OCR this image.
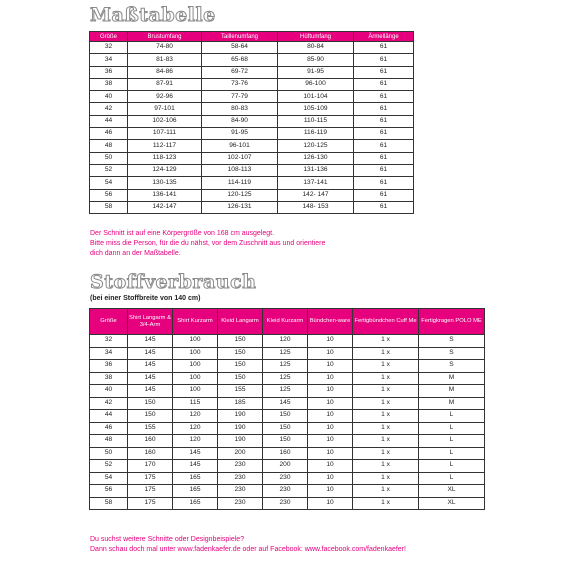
Maßtabelle
Größe	Brustumfang	Taillenumfang	Hüftumfang	Ärmellänge
32	74-80	58-64	80-84	61
34	81-83	65-68	85-90	61
36	84-86	69-72	91-95	61
38	87-91	73-76	96-100	61
40	92-96	77-79	101-104	61
42	97-101	80-83	105-109	61
44	102-106	84-90	110-115	61
46	107-111	91-95	116-119	61
48	112-117	96-101	120-125	61
50	118-123	102-107	126-130	61
52	124-129	108-113	131-136	61
54	130-135	114-119	137-141	61
56	136-141	120-125	142- 147	61
58	142-147	126-131	148- 153	61
Der Schnitt ist auf eine Körpergröße von 168 cm ausgelegt.
Bitte miss die Person, für die du nähst, vor dem Zuschnitt aus und orientiere
dich dann an der Maßtabelle.
Stoffverbrauch
(bei einer Stoffbreite von 140 cm)
Größe	Shirt Langarm & 3/4-Arm	Shirt Kurzarm	Kleid Langarm	Kleid Kurzarm	Bündchen-ware	Fertigbündchen Cuff Me	Fertigkragen POLO ME
32	145	100	150	120	10	1 x	S
34	145	100	150	125	10	1 x	S
36	145	100	150	125	10	1 x	S
38	145	100	150	125	10	1 x	M
40	145	100	155	125	10	1 x	M
42	150	115	185	145	10	1 x	M
44	150	120	190	150	10	1 x	L
46	155	120	190	150	10	1 x	L
48	160	120	190	150	10	1 x	L
50	160	145	200	160	10	1 x	L
52	170	145	230	200	10	1 x	L
54	175	165	230	230	10	1 x	L
56	175	165	230	230	10	1 x	XL
58	175	165	230	230	10	1 x	XL
Du suchst weitere Schnitte oder Designbeispiele?
Dann schau doch mal unter www.fadenkaefer.de oder auf Facebook: www.facebook.com/fadenkaefer!
